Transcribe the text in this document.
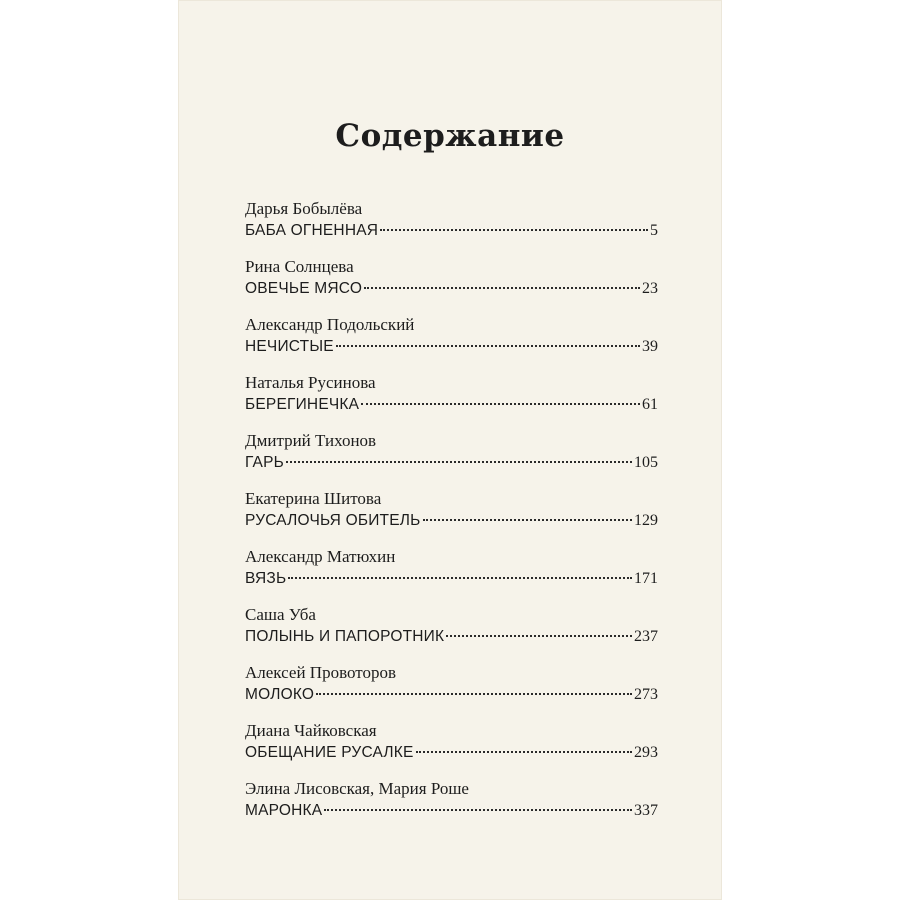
Содержание
Дарья Бобылёва
БАБА ОГНЕННАЯ	5
Рина Солнцева
ОВЕЧЬЕ МЯСО	23
Александр Подольский
НЕЧИСТЫЕ	39
Наталья Русинова
БЕРЕГИНЕЧКА	61
Дмитрий Тихонов
ГАРЬ	105
Екатерина Шитова
РУСАЛОЧЬЯ ОБИТЕЛЬ	129
Александр Матюхин
ВЯЗЬ	171
Саша Уба
ПОЛЫНЬ И ПАПОРОТНИК	237
Алексей Провоторов
МОЛОКО	273
Диана Чайковская
ОБЕЩАНИЕ РУСАЛКЕ	293
Элина Лисовская, Мария Роше
МАРОНКА	337
